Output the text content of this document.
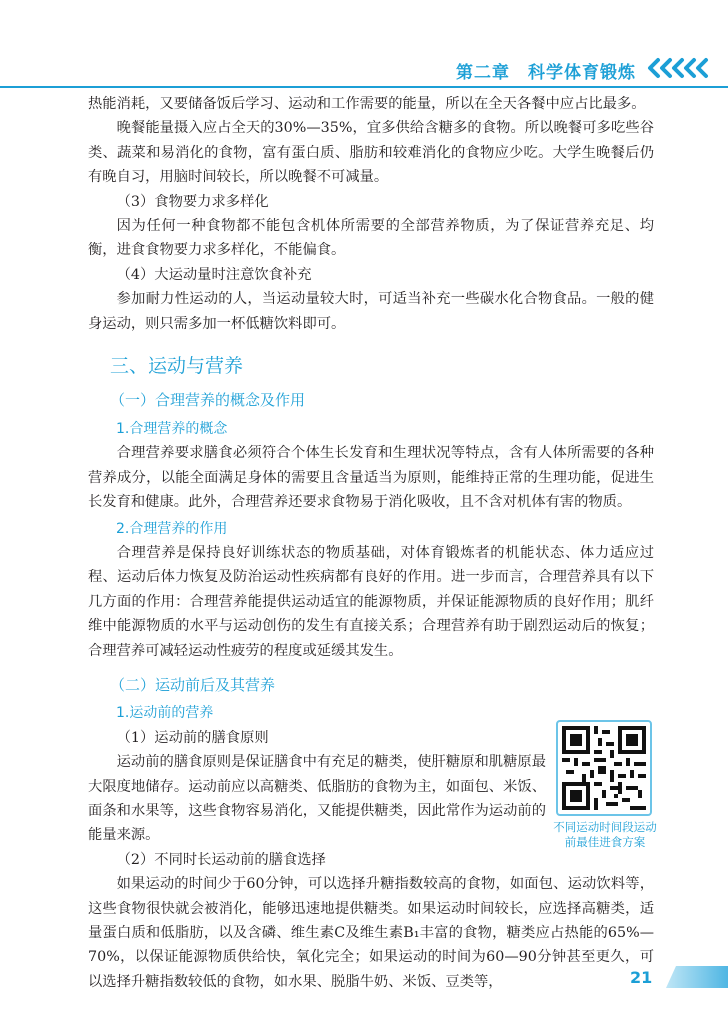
第二章　科学体育锻炼

热能消耗，又要储备饭后学习、运动和工作需要的能量，所以在全天各餐中应占比最多。

晚餐能量摄入应占全天的30%—35%，宜多供给含糖多的食物。所以晚餐可多吃些谷类、蔬菜和易消化的食物，富有蛋白质、脂肪和较难消化的食物应少吃。大学生晚餐后仍有晚自习，用脑时间较长，所以晚餐不可减量。

（3）食物要力求多样化

因为任何一种食物都不能包含机体所需要的全部营养物质，为了保证营养充足、均衡，进食食物要力求多样化，不能偏食。

（4）大运动量时注意饮食补充

参加耐力性运动的人，当运动量较大时，可适当补充一些碳水化合物食品。一般的健身运动，则只需多加一杯低糖饮料即可。

三、运动与营养
（一）合理营养的概念及作用
1.合理营养的概念

合理营养要求膳食必须符合个体生长发育和生理状况等特点，含有人体所需要的各种营养成分，以能全面满足身体的需要且含量适当为原则，能维持正常的生理功能，促进生长发育和健康。此外，合理营养还要求食物易于消化吸收，且不含对机体有害的物质。

2.合理营养的作用

合理营养是保持良好训练状态的物质基础，对体育锻炼者的机能状态、体力适应过程、运动后体力恢复及防治运动性疾病都有良好的作用。进一步而言，合理营养具有以下几方面的作用：合理营养能提供运动适宜的能源物质，并保证能源物质的良好作用；肌纤维中能源物质的水平与运动创伤的发生有直接关系；合理营养有助于剧烈运动后的恢复；合理营养可减轻运动性疲劳的程度或延缓其发生。

（二）运动前后及其营养
1.运动前的营养

（1）运动前的膳食原则

运动前的膳食原则是保证膳食中有充足的糖类，使肝糖原和肌糖原最大限度地储存。运动前应以高糖类、低脂肪的食物为主，如面包、米饭、面条和水果等，这些食物容易消化，又能提供糖类，因此常作为运动前的能量来源。

（2）不同时长运动前的膳食选择

如果运动的时间少于60分钟，可以选择升糖指数较高的食物，如面包、运动饮料等，这些食物很快就会被消化，能够迅速地提供糖类。如果运动时间较长，应选择高糖类，适量蛋白质和低脂肪，以及含磷、维生素C及维生素B₁丰富的食物，糖类应占热能的65%—70%，以保证能源物质供给快，氧化完全；如果运动的时间为60—90分钟甚至更久，可以选择升糖指数较低的食物，如水果、脱脂牛奶、米饭、豆类等，

不同运动时间段运动前最佳进食方案
21
